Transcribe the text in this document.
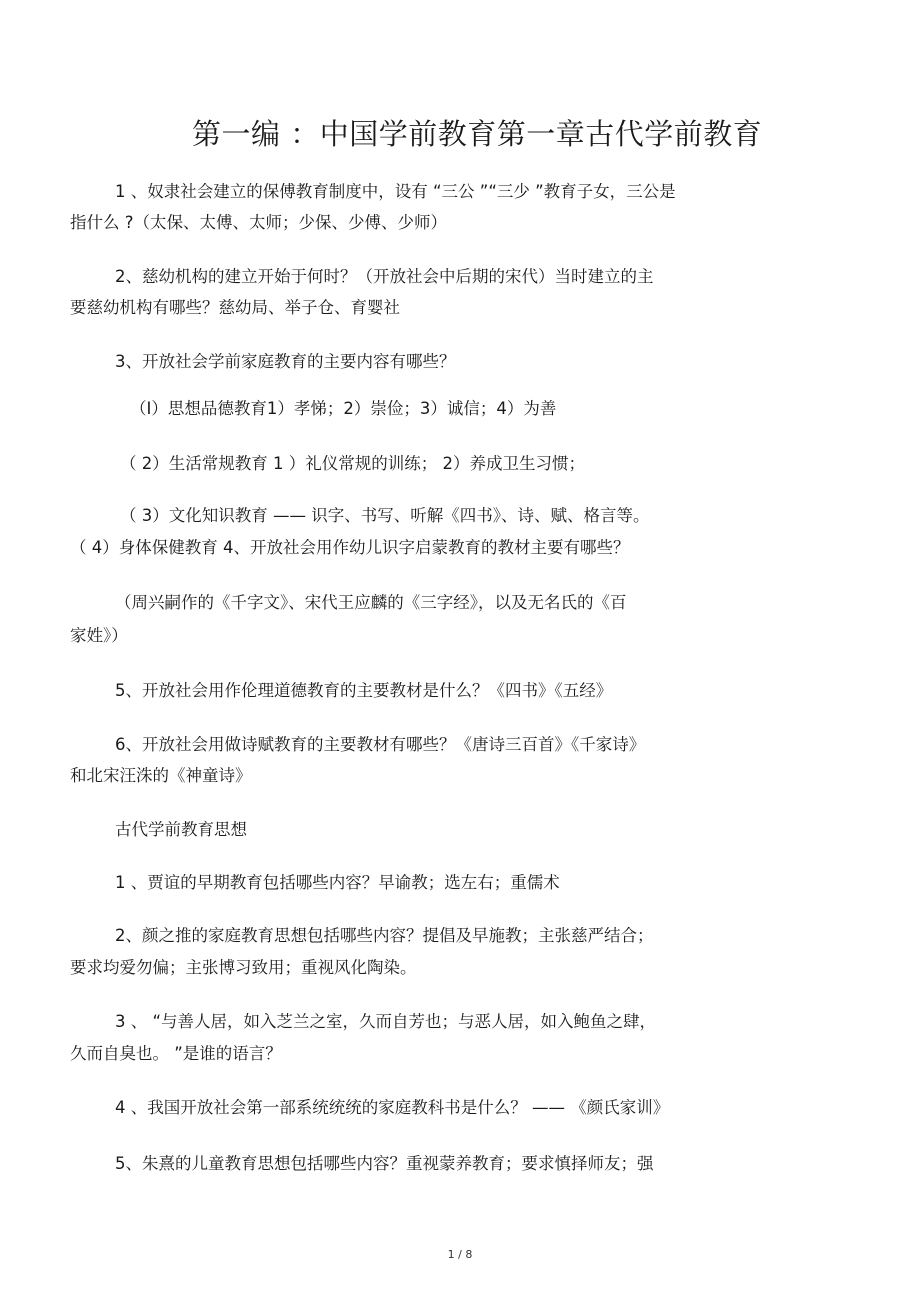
第一编 ：中国学前教育第一章古代学前教育
1 、奴隶社会建立的保傅教育制度中，设有 “三公 ”“三少 ”教育子女，三公是
指什么 ?（太保、太傅、太师；少保、少傅、少师）
2、慈幼机构的建立开始于何时？（开放社会中后期的宋代）当时建立的主
要慈幼机构有哪些？慈幼局、举子仓、育婴社
3、开放社会学前家庭教育的主要内容有哪些？
（I）思想品德教育1）孝悌；2）崇俭；3）诚信；4）为善
（ 2）生活常规教育 1 ）礼仪常规的训练； 2）养成卫生习惯；
（ 3）文化知识教育 —— 识字、书写、听解《四书》、诗、赋、格言等。
（ 4）身体保健教育 4、开放社会用作幼儿识字启蒙教育的教材主要有哪些？
（周兴嗣作的《千字文》、宋代王应麟的《三字经》，以及无名氏的《百
家姓》）
5、开放社会用作伦理道德教育的主要教材是什么？《四书》《五经》
6、开放社会用做诗赋教育的主要教材有哪些？《唐诗三百首》《千家诗》
和北宋汪洙的《神童诗》
古代学前教育思想
1 、贾谊的早期教育包括哪些内容？早谕教；选左右；重儒术
2、颜之推的家庭教育思想包括哪些内容？提倡及早施教；主张慈严结合；
要求均爱勿偏；主张博习致用；重视风化陶染。
3 、 “与善人居，如入芝兰之室，久而自芳也；与恶人居，如入鲍鱼之肆，
久而自臭也。 ”是谁的语言？
4 、我国开放社会第一部系统统统的家庭教科书是什么？ —— 《颜氏家训》
5、朱熹的儿童教育思想包括哪些内容？重视蒙养教育；要求慎择师友；强
1 / 8
